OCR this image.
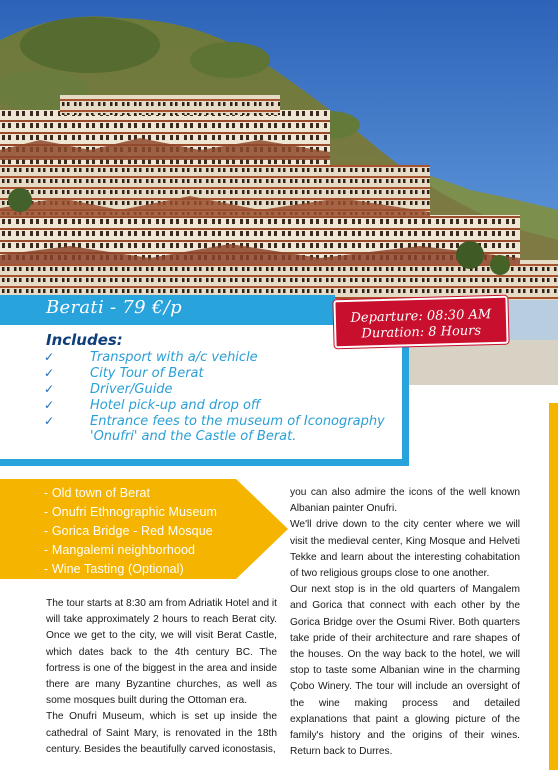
Berati - 79 €/p
Includes:
✓	Transport with a/c vehicle
✓	City Tour of Berat
✓	Driver/Guide
✓	Hotel pick-up and drop off
✓	Entrance fees to the museum of Iconography
'Onufri' and the Castle of Berat.
Departure: 08:30 AM
Duration: 8 Hours
- Old town of Berat
- Onufri Ethnographic Museum
- Gorica Bridge - Red Mosque
- Mangalemi neighborhood
- Wine Tasting (Optional)

The tour starts at 8:30 am from Adriatik Hotel and it will take approximately 2 hours to reach Berat city. Once we get to the city, we will visit Berat Castle, which dates back to the 4th century BC. The fortress is one of the biggest in the area and inside there are many Byzantine churches, as well as some mosques built during the Ottoman era.

The Onufri Museum, which is set up inside the cathedral of Saint Mary, is renovated in the 18th century. Besides the beautifully carved iconostasis,

you can also admire the icons of the well known Albanian painter Onufri.

We'll drive down to the city center where we will visit the medieval center, King Mosque and Helveti Tekke and learn about the interesting cohabitation of two religious groups close to one another.

Our next stop is in the old quarters of Mangalem and Gorica that connect with each other by the Gorica Bridge over the Osumi River. Both quarters take pride of their architecture and rare shapes of the houses. On the way back to the hotel, we will stop to taste some Albanian wine in the charming Çobo Winery. The tour will include an oversight of the wine making process and detailed explanations that paint a glowing picture of the family's history and the origins of their wines. Return back to Durres.
